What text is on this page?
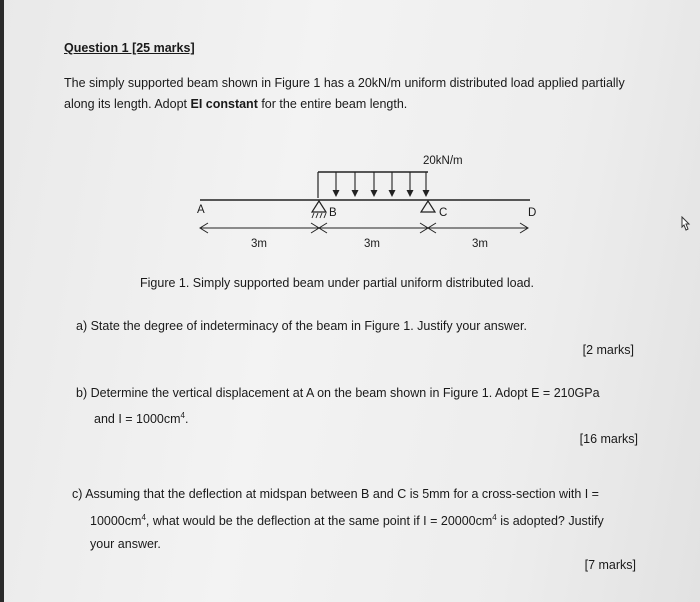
Question 1 [25 marks]
The simply supported beam shown in Figure 1 has a 20kN/m uniform distributed load applied partially
along its length. Adopt EI constant for the entire beam length.
20kN/m
A	B	C	D
3m	3m	3m
Figure 1. Simply supported beam under partial uniform distributed load.
a) State the degree of indeterminacy of the beam in Figure 1. Justify your answer.
[2 marks]
b) Determine the vertical displacement at A on the beam shown in Figure 1. Adopt E = 210GPa
and $I = 1000cm^4$.
[16 marks]
c) Assuming that the deflection at midspan between B and C is 5mm for a cross-section with I =
$10000cm^4$, what would be the deflection at the same point if $I = 20000cm^4$ is adopted? Justify
your answer.
[7 marks]
